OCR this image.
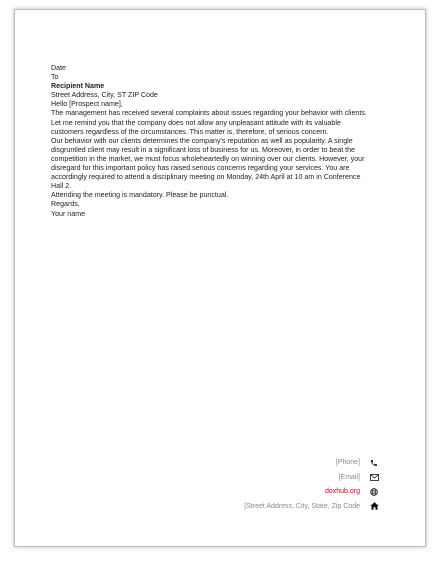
Date

To

Recipient Name

Street Address, City, ST ZIP Code

Hello [Prospect name],

The management has received several complaints about issues regarding your behavior with clients. Let me remind you that the company does not allow any unpleasant attitude with its valuable customers regardless of the circumstances. This matter is, therefore, of serious concern.

Our behavior with our clients determines the company's reputation as well as popularity. A single disgruntled client may result in a significant loss of business for us. Moreover, in order to beat the competition in the market, we must focus wholeheartedly on winning over our clients. However, your disregard for this important policy has raised serious concerns regarding your services. You are accordingly required to attend a disciplinary meeting on Monday, 24th April at 10 am in Conference Hall 2.

Attending the meeting is mandatory. Please be punctual.

Regards,

Your name

[Phone]
[Email]
doxhub.org
[Street Address, City, State, Zip Code
